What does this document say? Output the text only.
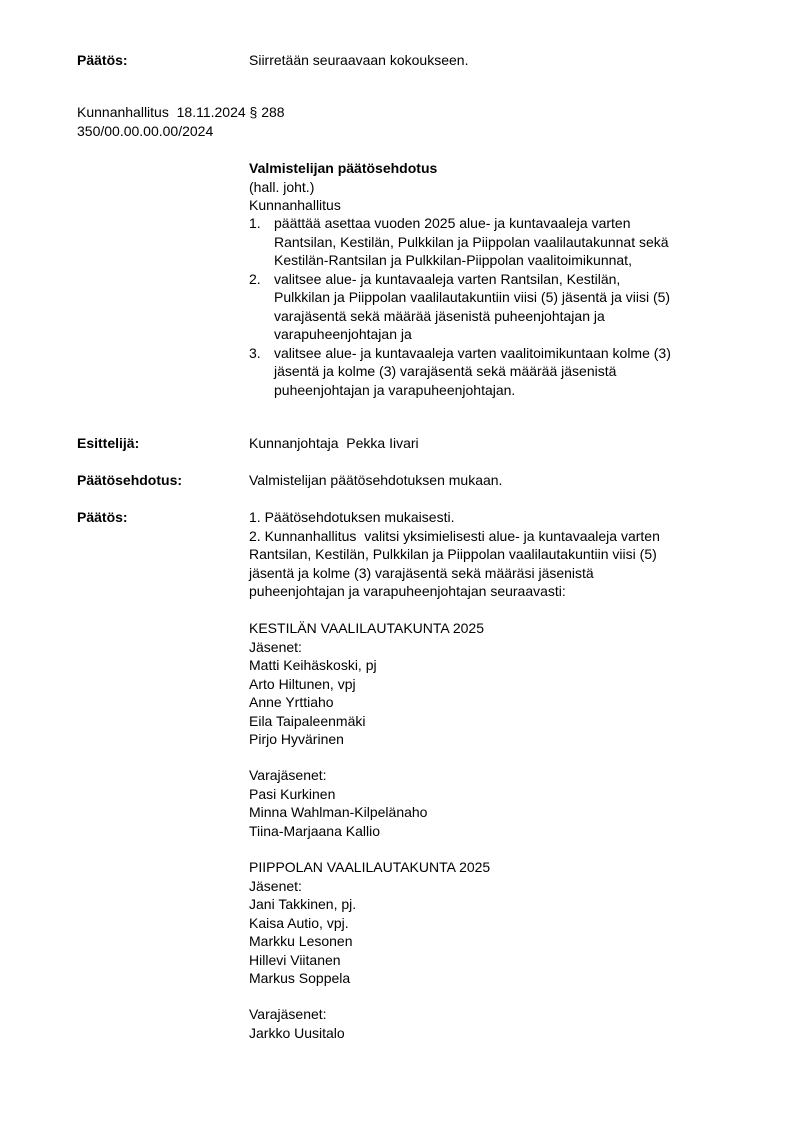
Päätös:	Siirretään seuraavaan kokoukseen.
Kunnanhallitus  18.11.2024 § 288
350/00.00.00.00/2024
Valmistelijan päätösehdotus
(hall. joht.)
Kunnanhallitus
1. päättää asettaa vuoden 2025 alue- ja kuntavaaleja varten
Rantsilan, Kestilän, Pulkkilan ja Piippolan vaalilautakunnat sekä
Kestilän-Rantsilan ja Pulkkilan-Piippolan vaalitoimikunnat,
2. valitsee alue- ja kuntavaaleja varten Rantsilan, Kestilän,
Pulkkilan ja Piippolan vaalilautakuntiin viisi (5) jäsentä ja viisi (5)
varajäsentä sekä määrää jäsenistä puheenjohtajan ja
varapuheenjohtajan ja
3. valitsee alue- ja kuntavaaleja varten vaalitoimikuntaan kolme (3)
jäsentä ja kolme (3) varajäsentä sekä määrää jäsenistä
puheenjohtajan ja varapuheenjohtajan.
Esittelijä:	Kunnanjohtaja  Pekka Iivari
Päätösehdotus:	Valmistelijan päätösehdotuksen mukaan.
Päätös:	1. Päätösehdotuksen mukaisesti.
2. Kunnanhallitus  valitsi yksimielisesti alue- ja kuntavaaleja varten
Rantsilan, Kestilän, Pulkkilan ja Piippolan vaalilautakuntiin viisi (5)
jäsentä ja kolme (3) varajäsentä sekä määräsi jäsenistä
puheenjohtajan ja varapuheenjohtajan seuraavasti:
KESTILÄN VAALILAUTAKUNTA 2025
Jäsenet:
Matti Keihäskoski, pj
Arto Hiltunen, vpj
Anne Yrttiaho
Eila Taipaleenmäki
Pirjo Hyvärinen
Varajäsenet:
Pasi Kurkinen
Minna Wahlman-Kilpelänaho
Tiina-Marjaana Kallio
PIIPPOLAN VAALILAUTAKUNTA 2025
Jäsenet:
Jani Takkinen, pj.
Kaisa Autio, vpj.
Markku Lesonen
Hillevi Viitanen
Markus Soppela
Varajäsenet:
Jarkko Uusitalo
